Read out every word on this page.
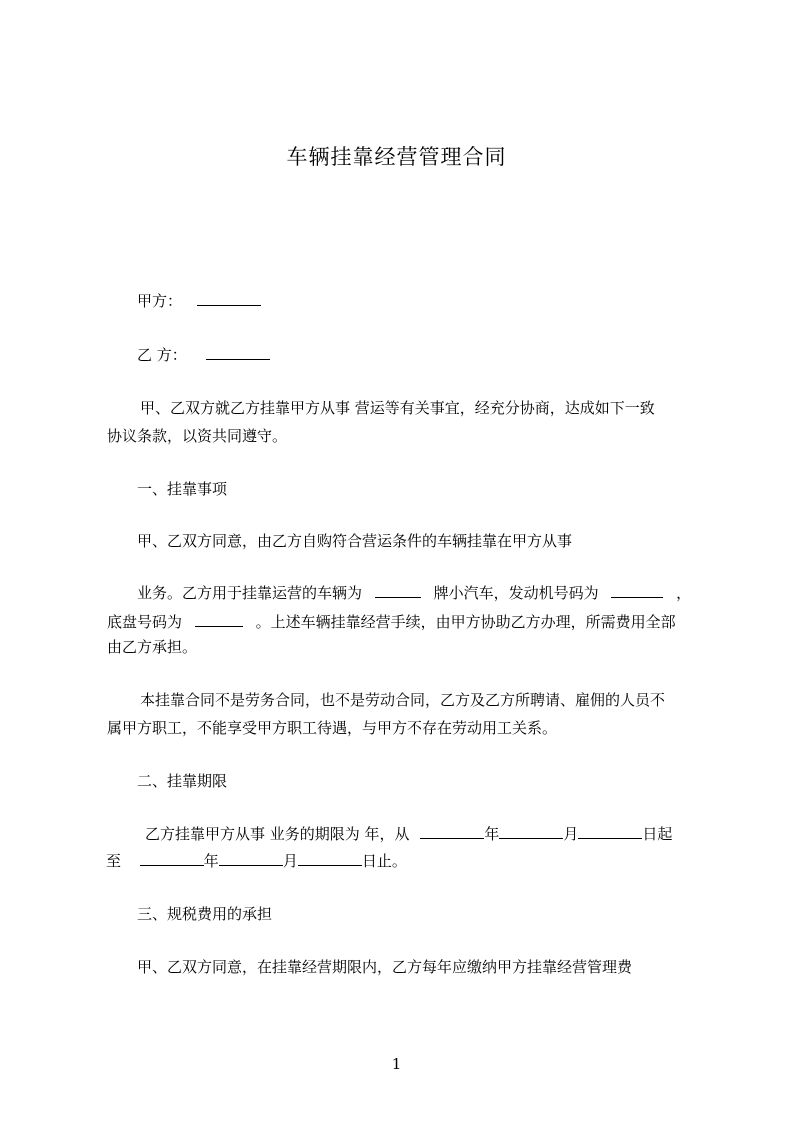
车辆挂靠经营管理合同

甲方：

乙 方：

甲、乙双方就乙方挂靠甲方从事 营运等有关事宜，经充分协商，达成如下一致

协议条款，以资共同遵守。

一、挂靠事项

甲、乙双方同意，由乙方自购符合营运条件的车辆挂靠在甲方从事

业务。乙方用于挂靠运营的车辆为	牌小汽车，发动机号码为	，

底盘号码为	。上述车辆挂靠经营手续，由甲方协助乙方办理，所需费用全部

由乙方承担。

本挂靠合同不是劳务合同，也不是劳动合同，乙方及乙方所聘请、雇佣的人员不

属甲方职工，不能享受甲方职工待遇，与甲方不存在劳动用工关系。

二、挂靠期限

乙方挂靠甲方从事 业务的期限为 年，从	年	月	日起

至	年	月	日止。

三、规税费用的承担

甲、乙双方同意，在挂靠经营期限内，乙方每年应缴纳甲方挂靠经营管理费

1
